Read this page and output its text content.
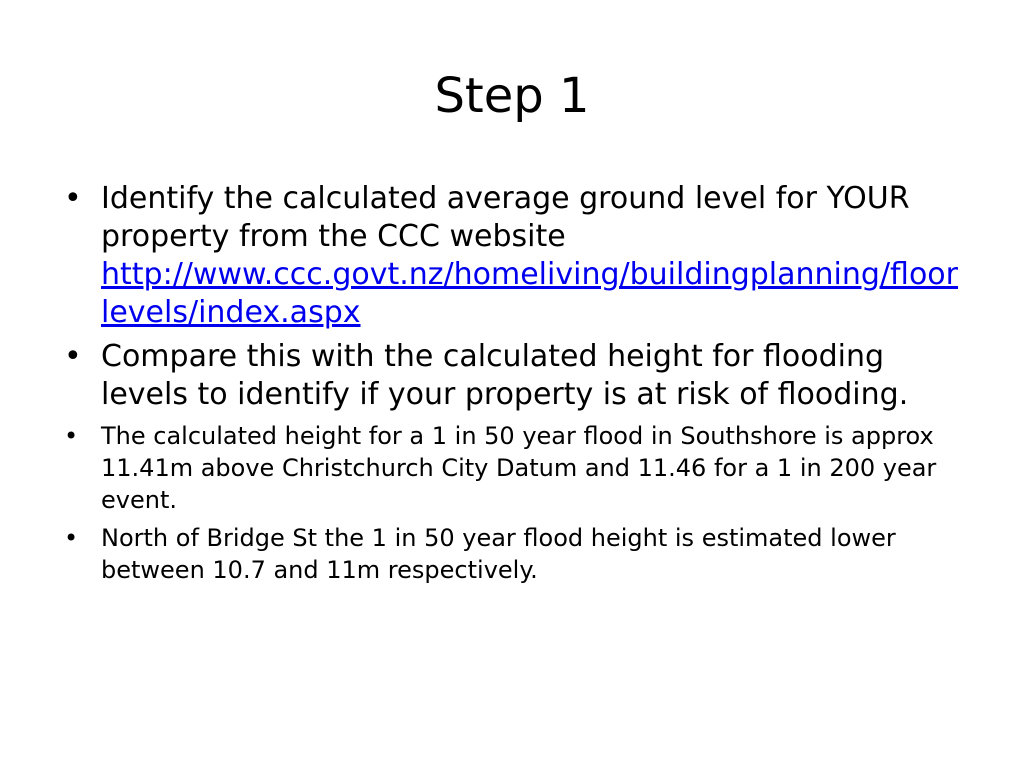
Step 1
• Identify the calculated average ground level for YOUR property from the CCC website
http://www.ccc.govt.nz/homeliving/buildingplanning/floorlevels/index.aspx
• Compare this with the calculated height for flooding levels to identify if your property is at risk of flooding.
• The calculated height for a 1 in 50 year flood in Southshore is approx 11.41m above Christchurch City Datum and 11.46 for a 1 in 200 year event.
• North of Bridge St the 1 in 50 year flood height is estimated lower between 10.7 and 11m respectively.
